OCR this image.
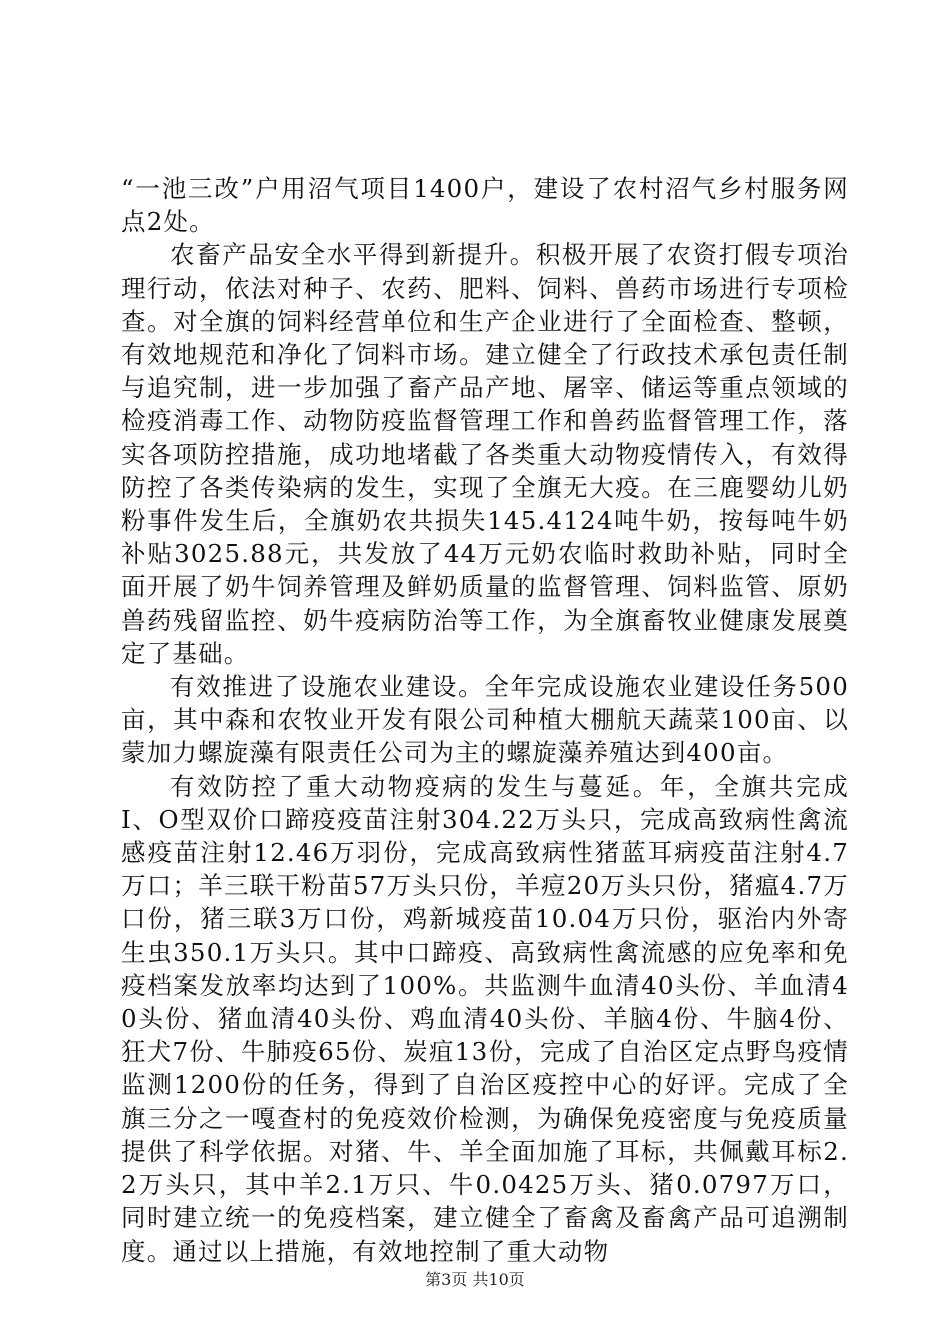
“一池三改”户用沼气项目1400户，建设了农村沼气乡村服务网点2处。

农畜产品安全水平得到新提升。积极开展了农资打假专项治理行动，依法对种子、农药、肥料、饲料、兽药市场进行专项检查。对全旗的饲料经营单位和生产企业进行了全面检查、整顿，有效地规范和净化了饲料市场。建立健全了行政技术承包责任制与追究制，进一步加强了畜产品产地、屠宰、储运等重点领域的检疫消毒工作、动物防疫监督管理工作和兽药监督管理工作，落实各项防控措施，成功地堵截了各类重大动物疫情传入，有效得防控了各类传染病的发生，实现了全旗无大疫。在三鹿婴幼儿奶粉事件发生后，全旗奶农共损失145.4124吨牛奶，按每吨牛奶补贴3025.88元，共发放了44万元奶农临时救助补贴，同时全面开展了奶牛饲养管理及鲜奶质量的监督管理、饲料监管、原奶兽药残留监控、奶牛疫病防治等工作，为全旗畜牧业健康发展奠定了基础。

有效推进了设施农业建设。全年完成设施农业建设任务500亩，其中森和农牧业开发有限公司种植大棚航天蔬菜100亩、以蒙加力螺旋藻有限责任公司为主的螺旋藻养殖达到400亩。

有效防控了重大动物疫病的发生与蔓延。年，全旗共完成Ⅰ、O型双价口蹄疫疫苗注射304.22万头只，完成高致病性禽流感疫苗注射12.46万羽份，完成高致病性猪蓝耳病疫苗注射4.7万口；羊三联干粉苗57万头只份，羊痘20万头只份，猪瘟4.7万口份，猪三联3万口份，鸡新城疫苗10.04万只份，驱治内外寄生虫350.1万头只。其中口蹄疫、高致病性禽流感的应免率和免疫档案发放率均达到了100%。共监测牛血清40头份、羊血清40头份、猪血清40头份、鸡血清40头份、羊脑4份、牛脑4份、狂犬7份、牛肺疫65份、炭疽13份，完成了自治区定点野鸟疫情监测1200份的任务，得到了自治区疫控中心的好评。完成了全旗三分之一嘎查村的免疫效价检测，为确保免疫密度与免疫质量提供了科学依据。对猪、牛、羊全面加施了耳标，共佩戴耳标2.2万头只，其中羊2.1万只、牛0.0425万头、猪0.0797万口，同时建立统一的免疫档案，建立健全了畜禽及畜禽产品可追溯制度。通过以上措施，有效地控制了重大动物

第3页 共10页
